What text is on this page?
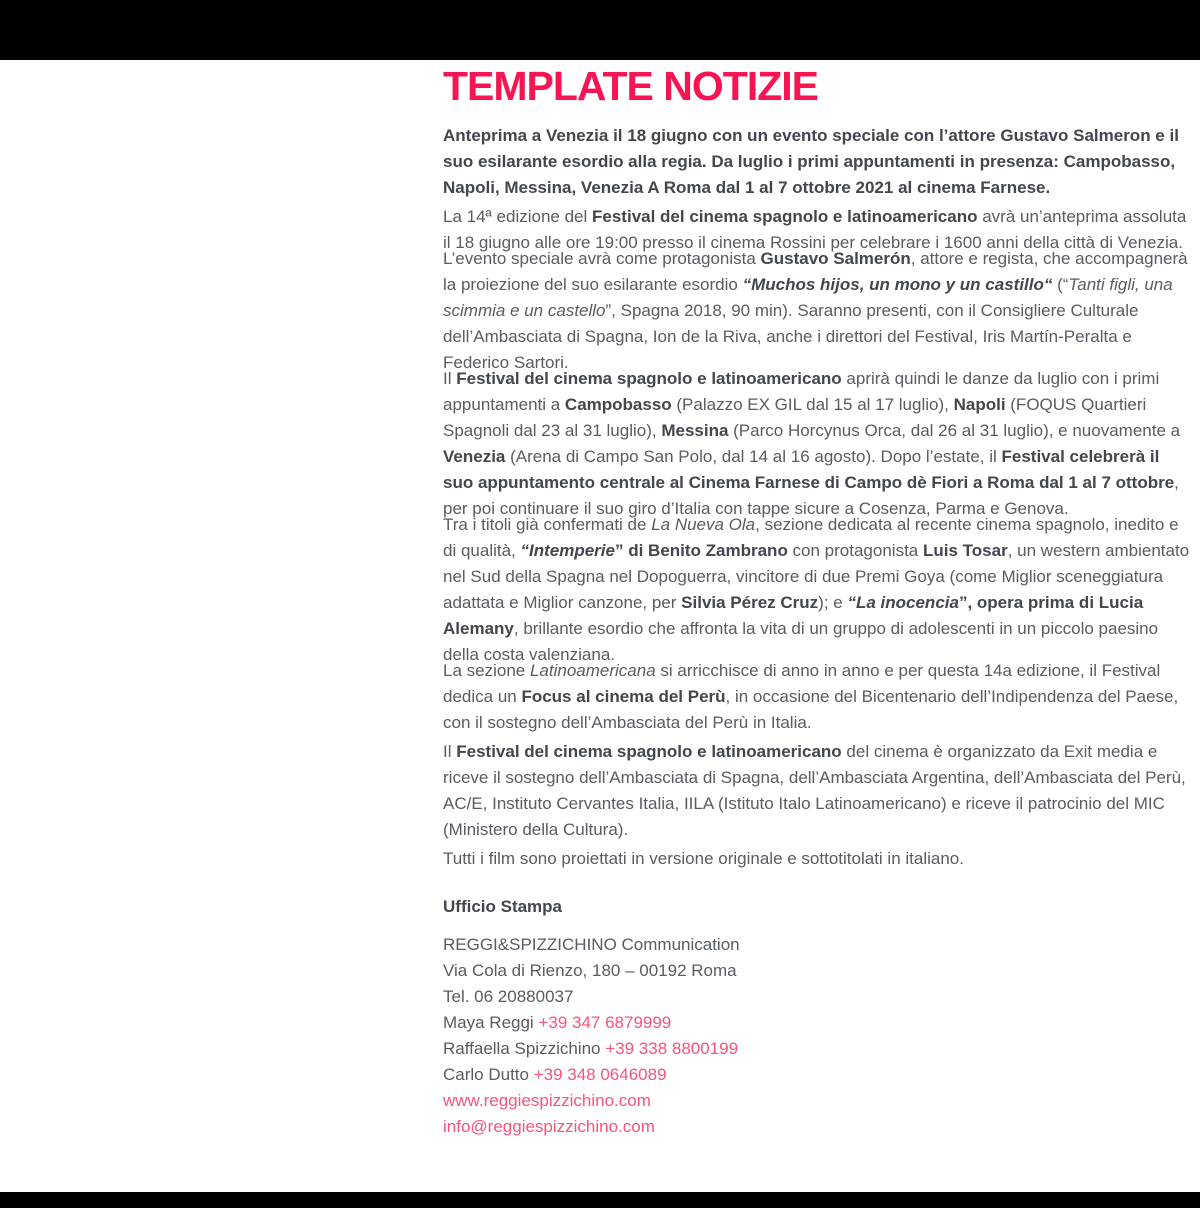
TEMPLATE NOTIZIE

Anteprima a Venezia il 18 giugno con un evento speciale con l’attore Gustavo Salmeron e il suo esilarante esordio alla regia. Da luglio i primi appuntamenti in presenza: Campobasso, Napoli, Messina, Venezia A Roma dal 1 al 7 ottobre 2021 al cinema Farnese.

La 14ª edizione del Festival del cinema spagnolo e latinoamericano avrà un’anteprima assoluta il 18 giugno alle ore 19:00 presso il cinema Rossini per celebrare i 1600 anni della città di Venezia.

L’evento speciale avrà come protagonista Gustavo Salmerón, attore e regista, che accompagnerà la proiezione del suo esilarante esordio “Muchos hijos, un mono y un castillo“ (“Tanti figli, una scimmia e un castello”, Spagna 2018, 90 min). Saranno presenti, con il Consigliere Culturale dell’Ambasciata di Spagna, Ion de la Riva, anche i direttori del Festival, Iris Martín-Peralta e Federico Sartori.

Il Festival del cinema spagnolo e latinoamericano aprirà quindi le danze da luglio con i primi appuntamenti a Campobasso (Palazzo EX GIL dal 15 al 17 luglio), Napoli (FOQUS Quartieri Spagnoli dal 23 al 31 luglio), Messina (Parco Horcynus Orca, dal 26 al 31 luglio), e nuovamente a Venezia (Arena di Campo San Polo, dal 14 al 16 agosto). Dopo l’estate, il Festival celebrerà il suo appuntamento centrale al Cinema Farnese di Campo dè Fiori a Roma dal 1 al 7 ottobre, per poi continuare il suo giro d’Italia con tappe sicure a Cosenza, Parma e Genova.

Tra i titoli già confermati de La Nueva Ola, sezione dedicata al recente cinema spagnolo, inedito e di qualità, “Intemperie” di Benito Zambrano con protagonista Luis Tosar, un western ambientato nel Sud della Spagna nel Dopoguerra, vincitore di due Premi Goya (come Miglior sceneggiatura adattata e Miglior canzone, per Silvia Pérez Cruz); e “La inocencia”, opera prima di Lucia Alemany, brillante esordio che affronta la vita di un gruppo di adolescenti in un piccolo paesino della costa valenziana.

La sezione Latinoamericana si arricchisce di anno in anno e per questa 14a edizione, il Festival dedica un Focus al cinema del Perù, in occasione del Bicentenario dell’Indipendenza del Paese, con il sostegno dell’Ambasciata del Perù in Italia.

Il Festival del cinema spagnolo e latinoamericano del cinema è organizzato da Exit media e riceve il sostegno dell’Ambasciata di Spagna, dell’Ambasciata Argentina, dell’Ambasciata del Perù, AC/E, Instituto Cervantes Italia, IILA (Istituto Italo Latinoamericano) e riceve il patrocinio del MIC (Ministero della Cultura).

Tutti i film sono proiettati in versione originale e sottotitolati in italiano.

Ufficio Stampa

REGGI&SPIZZICHINO Communication
Via Cola di Rienzo, 180 – 00192 Roma
Tel. 06 20880037
Maya Reggi +39 347 6879999
Raffaella Spizzichino +39 338 8800199
Carlo Dutto +39 348 0646089
www.reggiespizzichino.com
info@reggiespizzichino.com
